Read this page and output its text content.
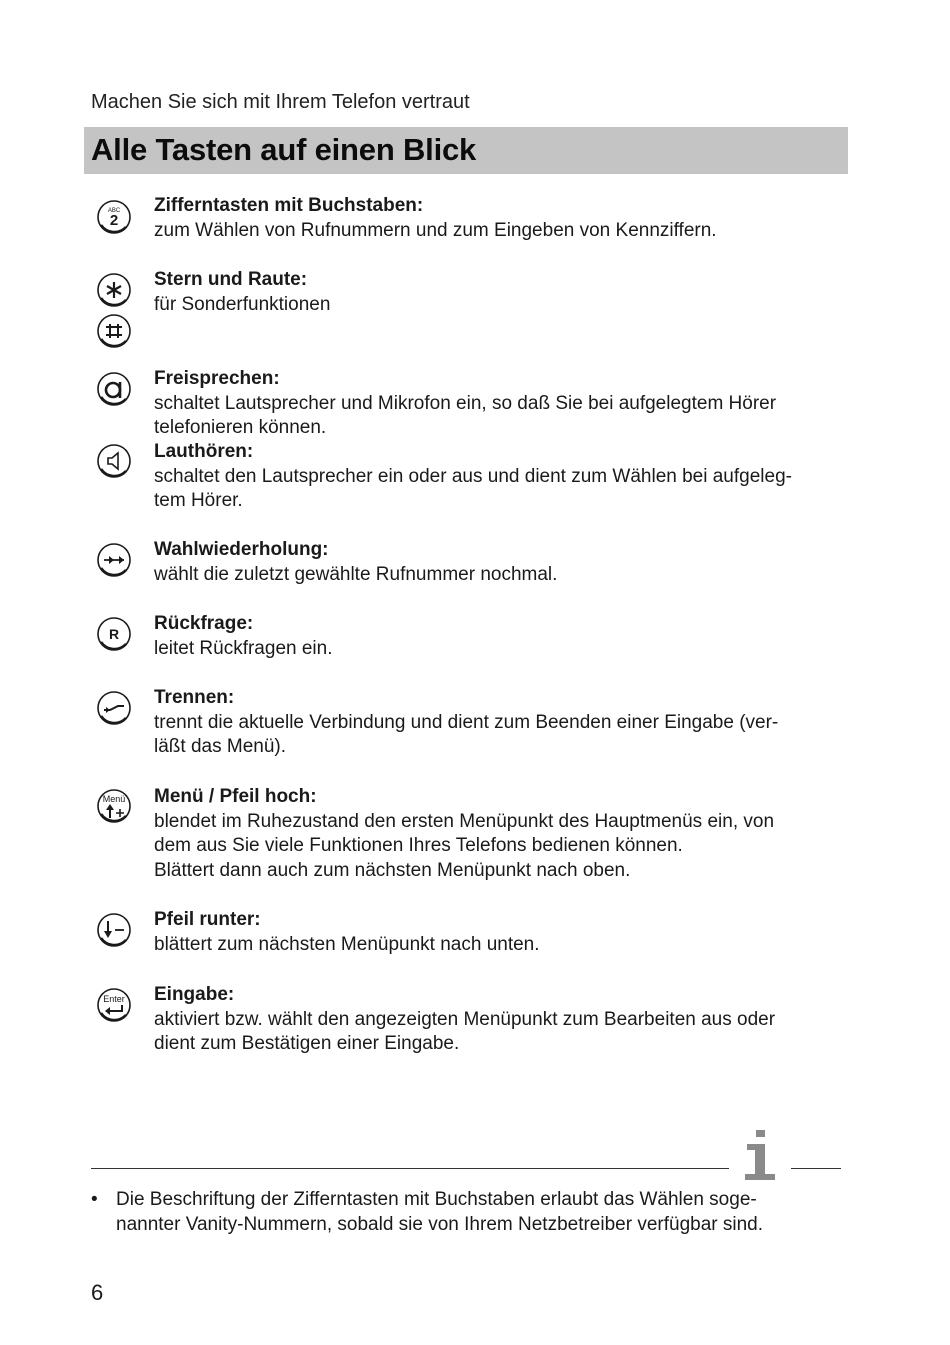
Machen Sie sich mit Ihrem Telefon vertraut
Alle Tasten auf einen Blick
ABC
2
R
Menü
Enter
Zifferntasten mit Buchstaben:
zum Wählen von Rufnummern und zum Eingeben von Kennziffern.
Stern und Raute:
für Sonderfunktionen
Freisprechen:
schaltet Lautsprecher und Mikrofon ein, so daß Sie bei aufgelegtem Hörer
telefonieren können.
Lauthören:
schaltet den Lautsprecher ein oder aus und dient zum Wählen bei aufgeleg-
tem Hörer.
Wahlwiederholung:
wählt die zuletzt gewählte Rufnummer nochmal.
Rückfrage:
leitet Rückfragen ein.
Trennen:
trennt die aktuelle Verbindung und dient zum Beenden einer Eingabe (ver-
läßt das Menü).
Menü / Pfeil hoch:
blendet im Ruhezustand den ersten Menüpunkt des Hauptmenüs ein, von
dem aus Sie viele Funktionen Ihres Telefons bedienen können.
Blättert dann auch zum nächsten Menüpunkt nach oben.
Pfeil runter:
blättert zum nächsten Menüpunkt nach unten.
Eingabe:
aktiviert bzw. wählt den angezeigten Menüpunkt zum Bearbeiten aus oder
dient zum Bestätigen einer Eingabe.
• Die Beschriftung der Zifferntasten mit Buchstaben erlaubt das Wählen soge-
nannter Vanity-Nummern, sobald sie von Ihrem Netzbetreiber verfügbar sind.
6
